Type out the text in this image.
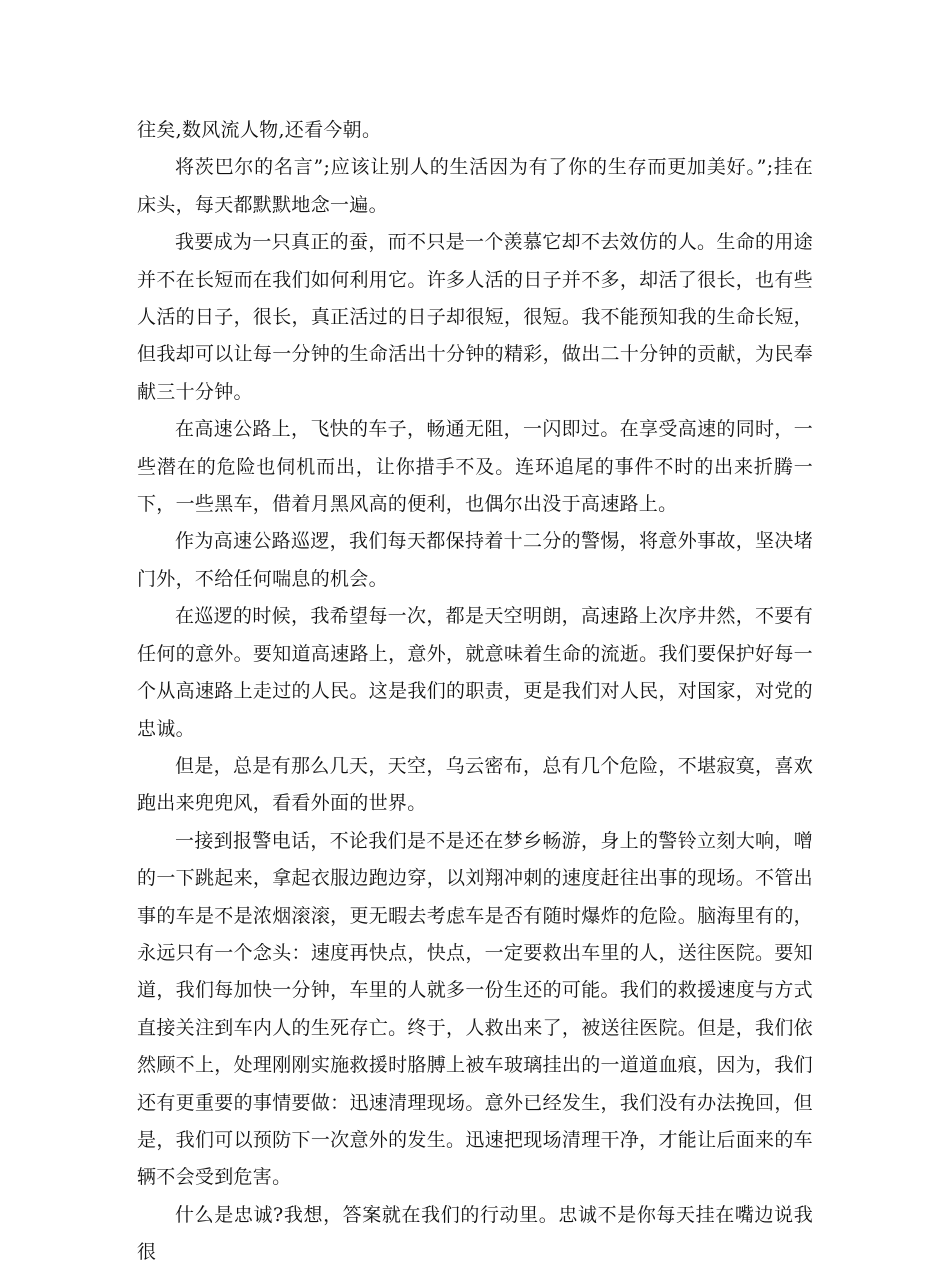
往矣,数风流人物,还看今朝。

将茨巴尔的名言”;应该让别人的生活因为有了你的生存而更加美好。”;挂在床头，每天都默默地念一遍。

我要成为一只真正的蚕，而不只是一个羡慕它却不去效仿的人。生命的用途并不在长短而在我们如何利用它。许多人活的日子并不多，却活了很长，也有些人活的日子，很长，真正活过的日子却很短，很短。我不能预知我的生命长短，但我却可以让每一分钟的生命活出十分钟的精彩，做出二十分钟的贡献，为民奉献三十分钟。

在高速公路上，飞快的车子，畅通无阻，一闪即过。在享受高速的同时，一些潜在的危险也伺机而出，让你措手不及。连环追尾的事件不时的出来折腾一下，一些黑车，借着月黑风高的便利，也偶尔出没于高速路上。

作为高速公路巡逻，我们每天都保持着十二分的警惕，将意外事故，坚决堵门外，不给任何喘息的机会。

在巡逻的时候，我希望每一次，都是天空明朗，高速路上次序井然，不要有任何的意外。要知道高速路上，意外，就意味着生命的流逝。我们要保护好每一个从高速路上走过的人民。这是我们的职责，更是我们对人民，对国家，对党的忠诚。

但是，总是有那么几天，天空，乌云密布，总有几个危险，不堪寂寞，喜欢跑出来兜兜风，看看外面的世界。

一接到报警电话，不论我们是不是还在梦乡畅游，身上的警铃立刻大响，噌的一下跳起来，拿起衣服边跑边穿，以刘翔冲刺的速度赶往出事的现场。不管出事的车是不是浓烟滚滚，更无暇去考虑车是否有随时爆炸的危险。脑海里有的，永远只有一个念头：速度再快点，快点，一定要救出车里的人，送往医院。要知道，我们每加快一分钟，车里的人就多一份生还的可能。我们的救援速度与方式直接关注到车内人的生死存亡。终于，人救出来了，被送往医院。但是，我们依然顾不上，处理刚刚实施救援时胳膊上被车玻璃挂出的一道道血痕，因为，我们还有更重要的事情要做：迅速清理现场。意外已经发生，我们没有办法挽回，但是，我们可以预防下一次意外的发生。迅速把现场清理干净，才能让后面来的车辆不会受到危害。

什么是忠诚?我想，答案就在我们的行动里。忠诚不是你每天挂在嘴边说我很
